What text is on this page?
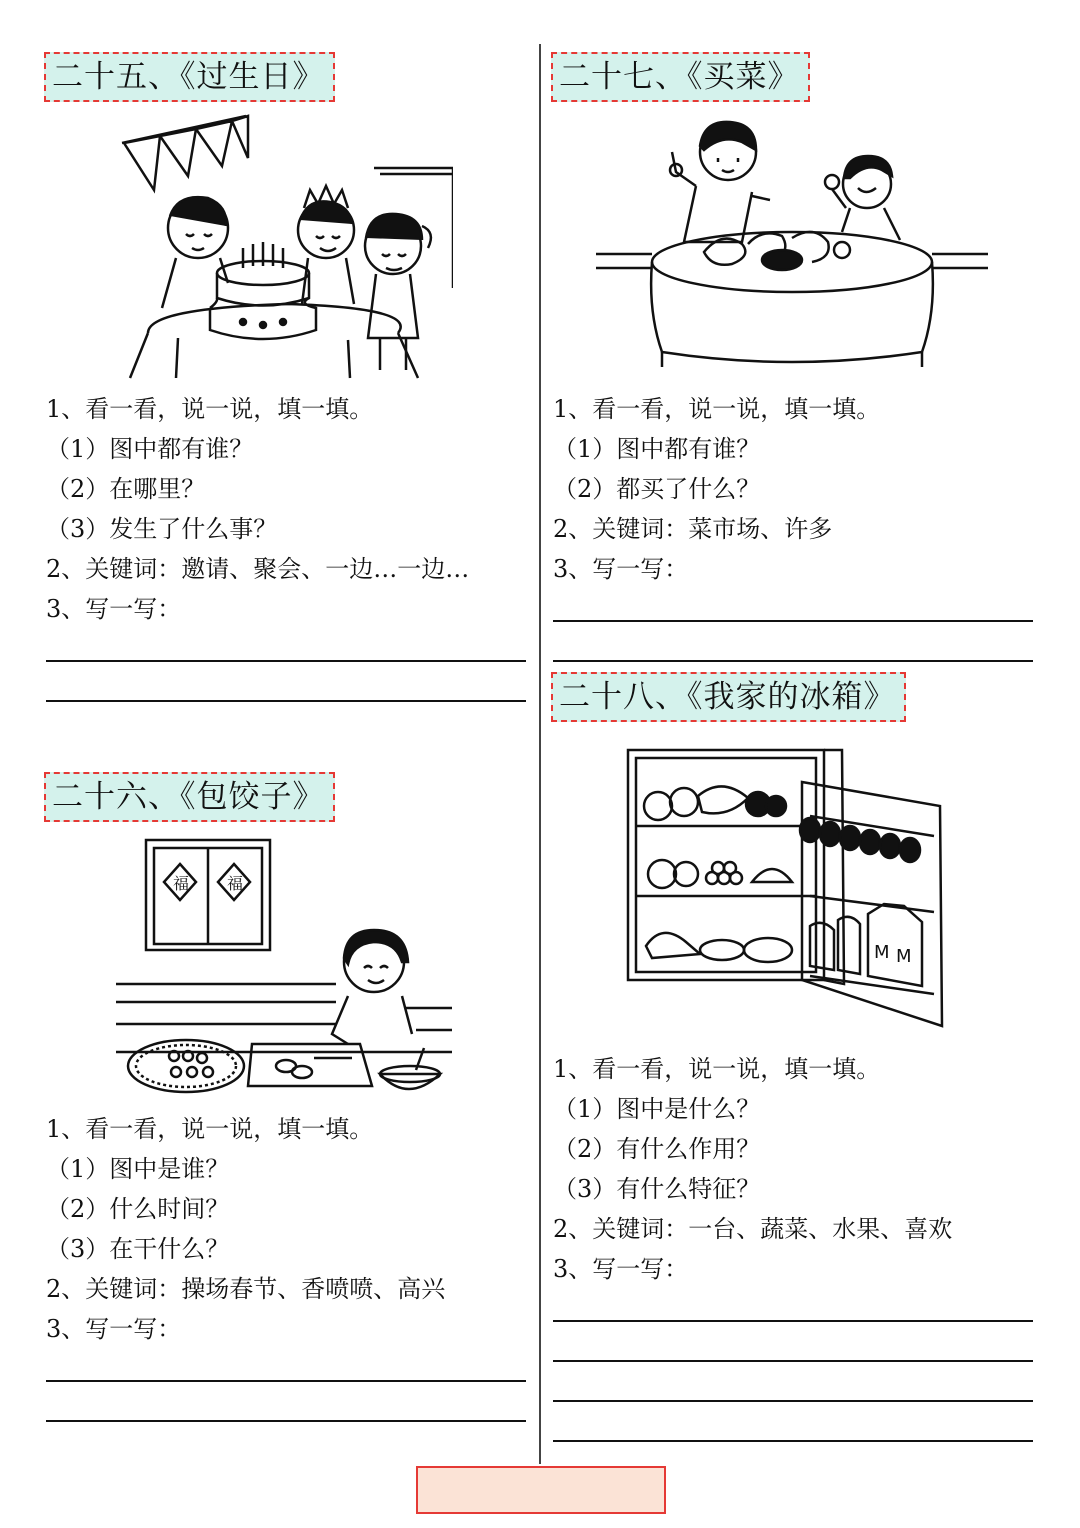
二十五、《过生日》
1、看一看，说一说，填一填。
（1）图中都有谁？
（2）在哪里？
（3）发生了什么事？
2、关键词：邀请、聚会、一边…一边…
3、写一写：
二十六、《包饺子》
福 福
1、看一看，说一说，填一填。
（1）图中是谁？
（2）什么时间？
（3）在干什么？
2、关键词：操场春节、香喷喷、高兴
3、写一写：
二十七、《买菜》
1、看一看，说一说，填一填。
（1）图中都有谁？
（2）都买了什么？
2、关键词：菜市场、许多
3、写一写：
二十八、《我家的冰箱》
M M
1、看一看，说一说，填一填。
（1）图中是什么？
（2）有什么作用？
（3）有什么特征？
2、关键词：一台、蔬菜、水果、喜欢
3、写一写：
